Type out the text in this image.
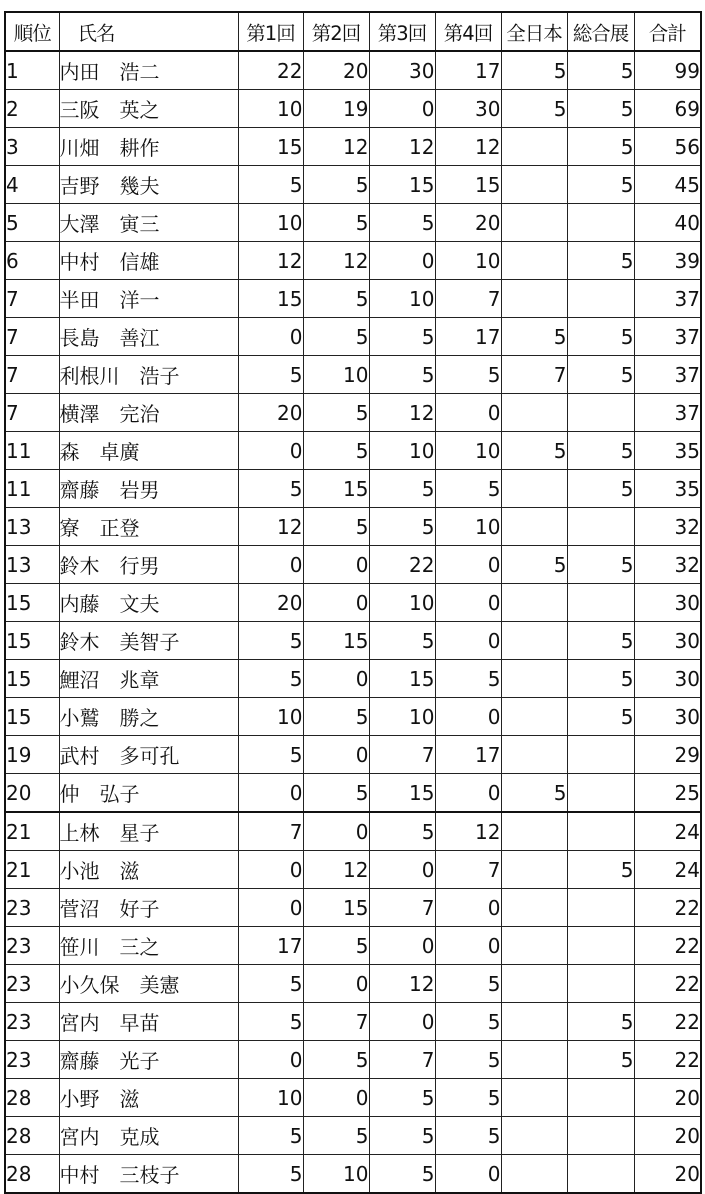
順位	氏名	第1回	第2回	第3回	第4回	全日本	総合展	合計
1	内田　浩二	22	20	30	17	5	5	99
2	三阪　英之	10	19	0	30	5	5	69
3	川畑　耕作	15	12	12	12		5	56
4	吉野　幾夫	5	5	15	15		5	45
5	大澤　寅三	10	5	5	20			40
6	中村　信雄	12	12	0	10		5	39
7	半田　洋一	15	5	10	7			37
7	長島　善江	0	5	5	17	5	5	37
7	利根川　浩子	5	10	5	5	7	5	37
7	横澤　完治	20	5	12	0			37
11	森　卓廣	0	5	10	10	5	5	35
11	齋藤　岩男	5	15	5	5		5	35
13	寮　正登	12	5	5	10			32
13	鈴木　行男	0	0	22	0	5	5	32
15	内藤　文夫	20	0	10	0			30
15	鈴木　美智子	5	15	5	0		5	30
15	鯉沼　兆章	5	0	15	5		5	30
15	小鷲　勝之	10	5	10	0		5	30
19	武村　多可孔	5	0	7	17			29
20	仲　弘子	0	5	15	0	5		25
21	上林　星子	7	0	5	12			24
21	小池　滋	0	12	0	7		5	24
23	菅沼　好子	0	15	7	0			22
23	笹川　三之	17	5	0	0			22
23	小久保　美憲	5	0	12	5			22
23	宮内　早苗	5	7	0	5		5	22
23	齋藤　光子	0	5	7	5		5	22
28	小野　滋	10	0	5	5			20
28	宮内　克成	5	5	5	5			20
28	中村　三枝子	5	10	5	0			20
